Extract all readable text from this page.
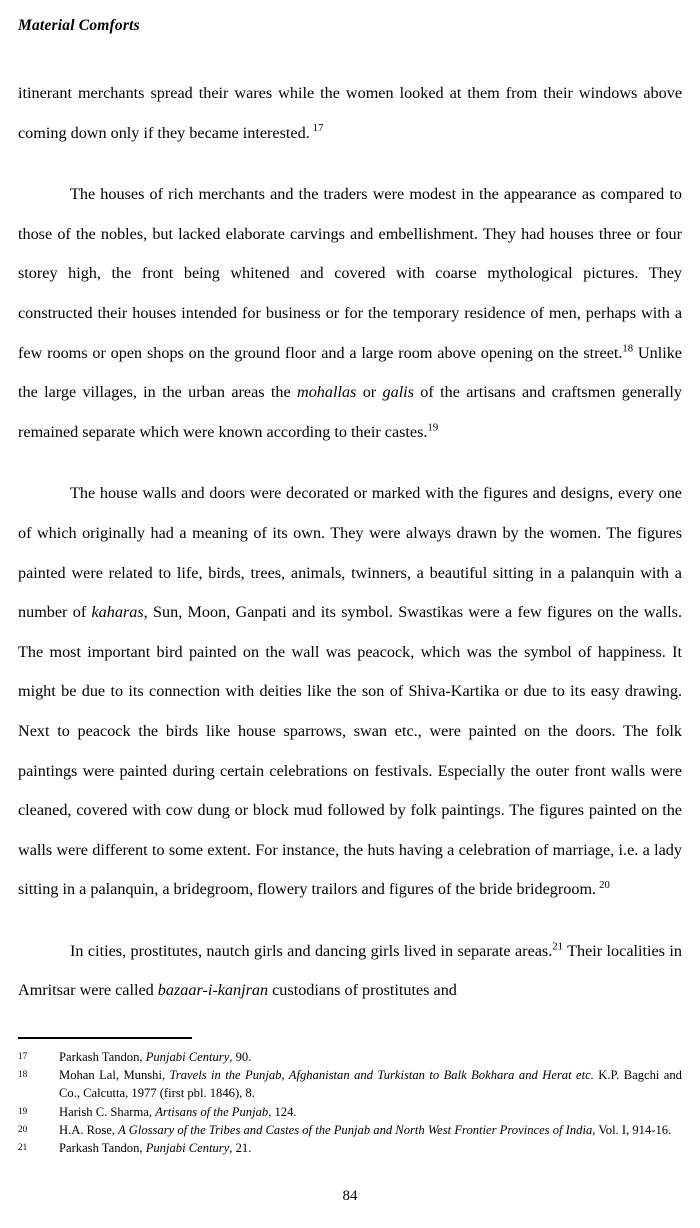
Material Comforts

itinerant merchants spread their wares while the women looked at them from their windows above coming down only if they became interested. $^{17}$

The houses of rich merchants and the traders were modest in the appearance as compared to those of the nobles, but lacked elaborate carvings and embellishment. They had houses three or four storey high, the front being whitened and covered with coarse mythological pictures. They constructed their houses intended for business or for the temporary residence of men, perhaps with a few rooms or open shops on the ground floor and a large room above opening on the street.$^{18}$ Unlike the large villages, in the urban areas the mohallas or galis of the artisans and craftsmen generally remained separate which were known according to their castes.$^{19}$

The house walls and doors were decorated or marked with the figures and designs, every one of which originally had a meaning of its own. They were always drawn by the women. The figures painted were related to life, birds, trees, animals, twinners, a beautiful sitting in a palanquin with a number of kaharas, Sun, Moon, Ganpati and its symbol. Swastikas were a few figures on the walls. The most important bird painted on the wall was peacock, which was the symbol of happiness. It might be due to its connection with deities like the son of Shiva-Kartika or due to its easy drawing. Next to peacock the birds like house sparrows, swan etc., were painted on the doors. The folk paintings were painted during certain celebrations on festivals. Especially the outer front walls were cleaned, covered with cow dung or block mud followed by folk paintings. The figures painted on the walls were different to some extent. For instance, the huts having a celebration of marriage, i.e. a lady sitting in a palanquin, a bridegroom, flowery trailors and figures of the bride bridegroom. $^{20}$

In cities, prostitutes, nautch girls and dancing girls lived in separate areas.$^{21}$ Their localities in Amritsar were called bazaar-i-kanjran custodians of prostitutes and

17	Parkash Tandon, Punjabi Century, 90.
18	Mohan Lal, Munshi, Travels in the Punjab, Afghanistan and Turkistan to Balk Bokhara and Herat etc. K.P. Bagchi and Co., Calcutta, 1977 (first pbl. 1846), 8.
19	Harish C. Sharma, Artisans of the Punjab, 124.
20	H.A. Rose, A Glossary of the Tribes and Castes of the Punjab and North West Frontier Provinces of India, Vol. I, 914-16.
21	Parkash Tandon, Punjabi Century, 21.
84
